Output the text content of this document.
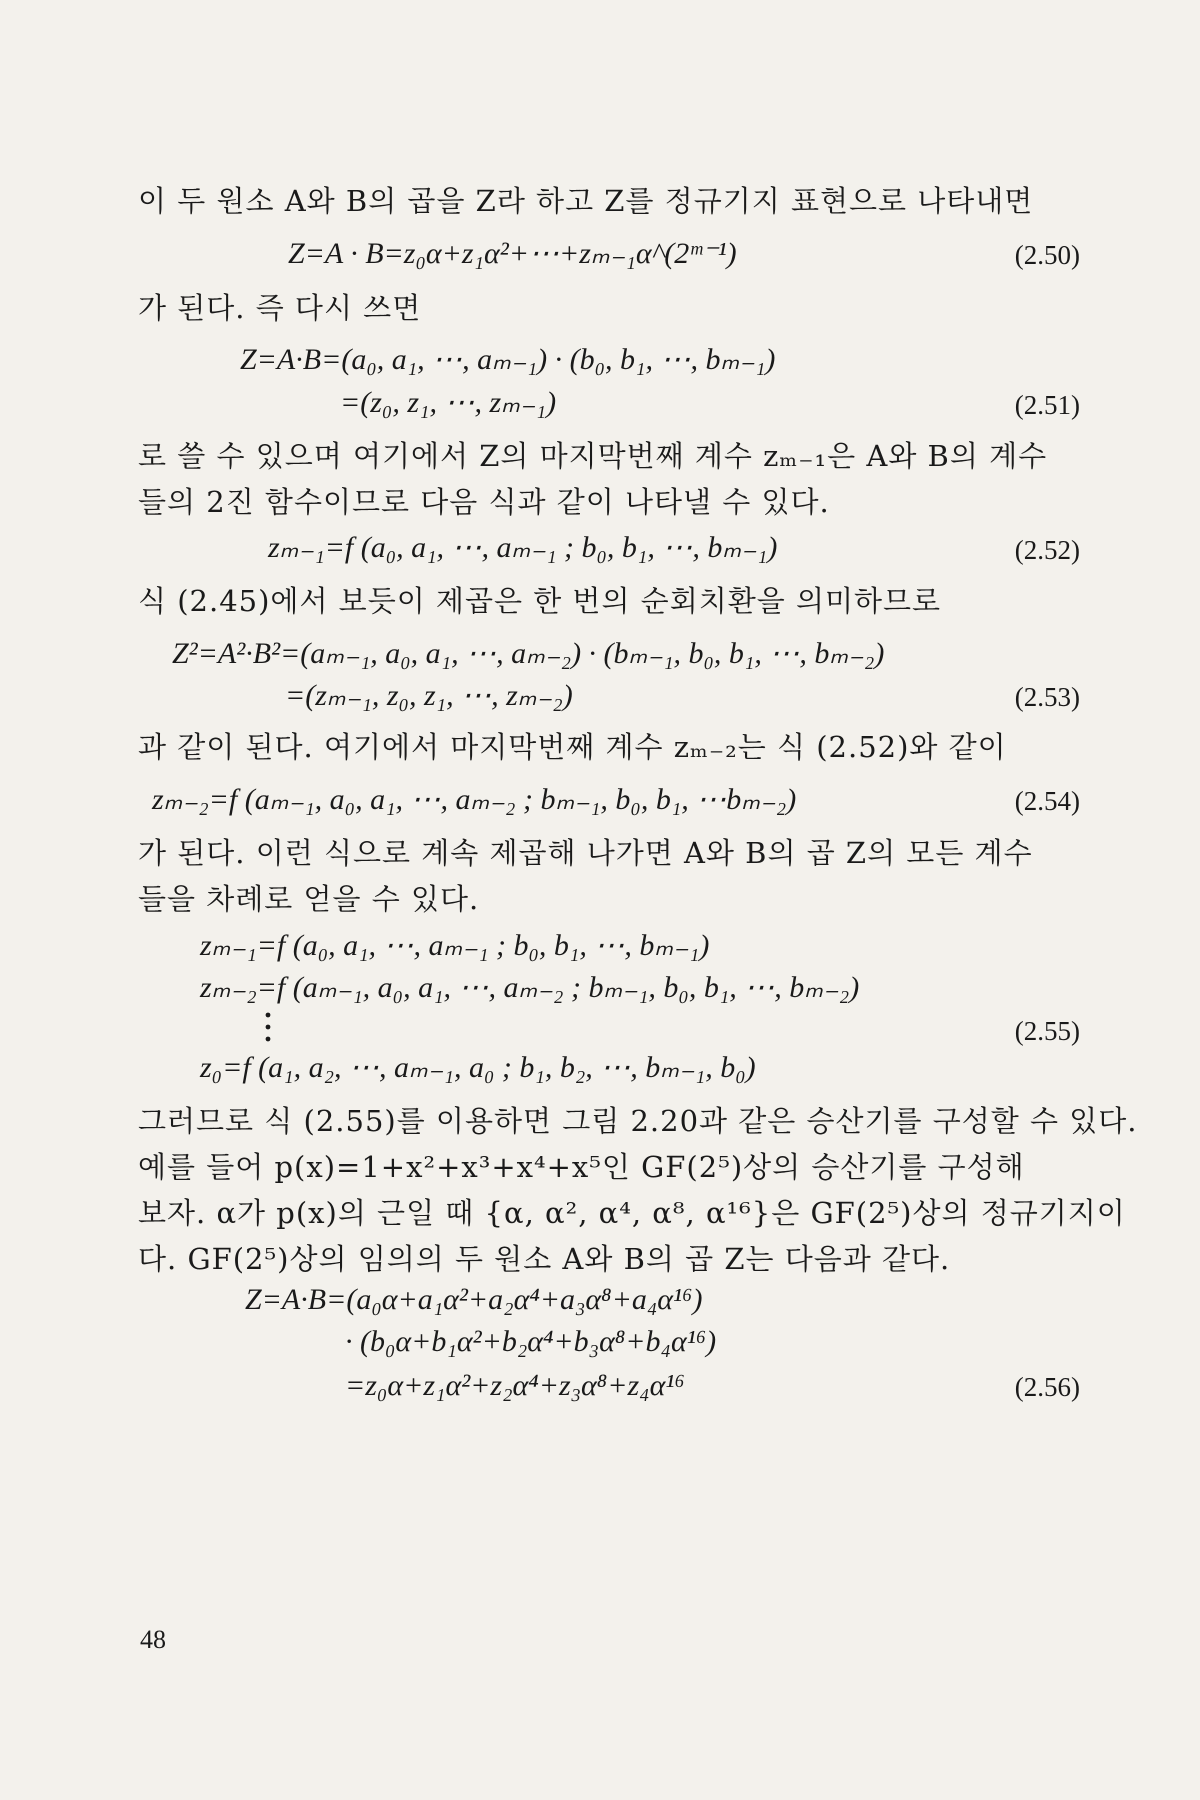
이 두 원소 A와 B의 곱을 Z라 하고 Z를 정규기지 표현으로 나타내면

Z=A · B=z₀α+z₁α²+⋯+zₘ₋₁α^(2ᵐ⁻¹)	(2.50)

가 된다. 즉 다시 쓰면

Z=A·B=(a₀, a₁, ⋯, aₘ₋₁) · (b₀, b₁, ⋯, bₘ₋₁)
=(z₀, z₁, ⋯, zₘ₋₁)	(2.51)

로 쓸 수 있으며 여기에서 Z의 마지막번째 계수 zₘ₋₁은 A와 B의 계수
들의 2진 함수이므로 다음 식과 같이 나타낼 수 있다.

zₘ₋₁=f (a₀, a₁, ⋯, aₘ₋₁ ; b₀, b₁, ⋯, bₘ₋₁)	(2.52)

식 (2.45)에서 보듯이 제곱은 한 번의 순회치환을 의미하므로

Z²=A²·B²=(aₘ₋₁, a₀, a₁, ⋯, aₘ₋₂) · (bₘ₋₁, b₀, b₁, ⋯, bₘ₋₂)
=(zₘ₋₁, z₀, z₁, ⋯, zₘ₋₂)	(2.53)

과 같이 된다. 여기에서 마지막번째 계수 zₘ₋₂는 식 (2.52)와 같이

zₘ₋₂=f (aₘ₋₁, a₀, a₁, ⋯, aₘ₋₂ ; bₘ₋₁, b₀, b₁, ⋯bₘ₋₂)	(2.54)

가 된다. 이런 식으로 계속 제곱해 나가면 A와 B의 곱 Z의 모든 계수
들을 차례로 얻을 수 있다.

zₘ₋₁=f (a₀, a₁, ⋯, aₘ₋₁ ; b₀, b₁, ⋯, bₘ₋₁)
zₘ₋₂=f (aₘ₋₁, a₀, a₁, ⋯, aₘ₋₂ ; bₘ₋₁, b₀, b₁, ⋯, bₘ₋₂)
(2.55)
z₀=f (a₁, a₂, ⋯, aₘ₋₁, a₀ ; b₁, b₂, ⋯, bₘ₋₁, b₀)

그러므로 식 (2.55)를 이용하면 그림 2.20과 같은 승산기를 구성할 수 있다.
예를 들어 p(x)=1+x²+x³+x⁴+x⁵인 GF(2⁵)상의 승산기를 구성해
보자. α가 p(x)의 근일 때 {α, α², α⁴, α⁸, α¹⁶}은 GF(2⁵)상의 정규기지이
다. GF(2⁵)상의 임의의 두 원소 A와 B의 곱 Z는 다음과 같다.

Z=A·B=(a₀α+a₁α²+a₂α⁴+a₃α⁸+a₄α¹⁶)
· (b₀α+b₁α²+b₂α⁴+b₃α⁸+b₄α¹⁶)
=z₀α+z₁α²+z₂α⁴+z₃α⁸+z₄α¹⁶	(2.56)
48
